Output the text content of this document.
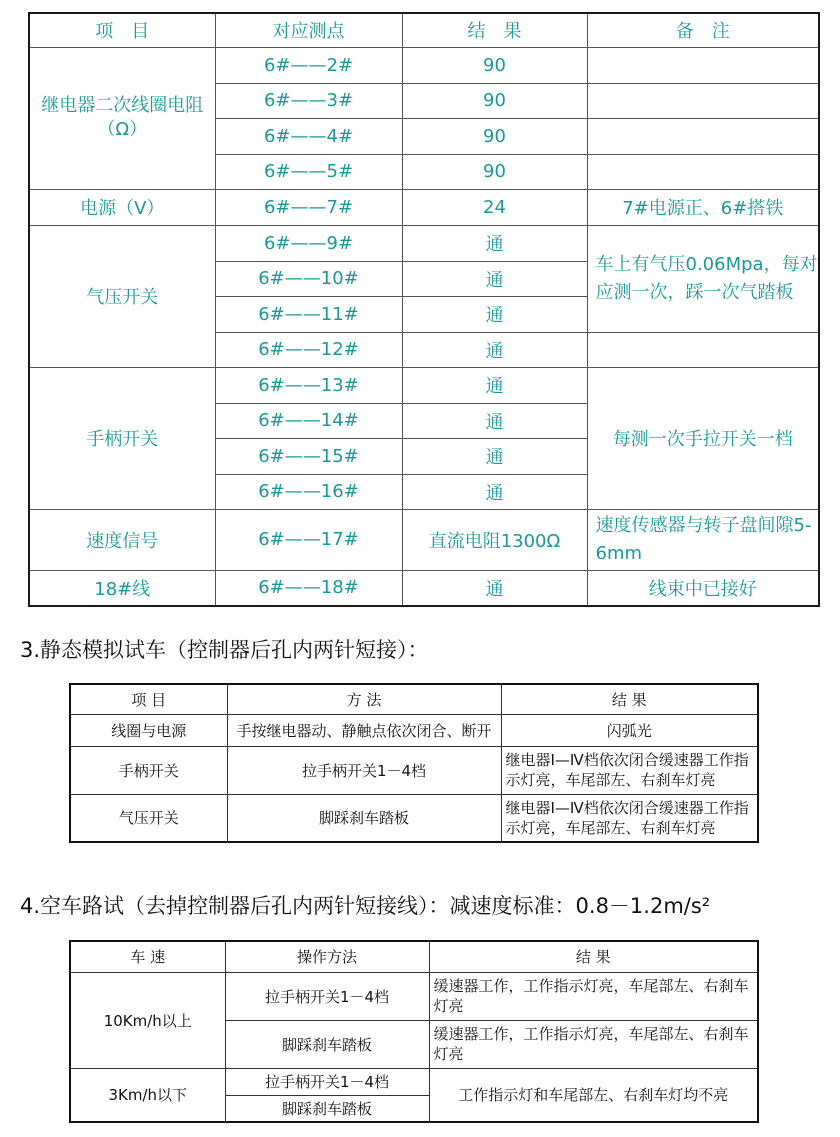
项　目	对应测点	结　果	备　注
继电器二次线圈电阻（Ω）	6#——2#	90	
	6#——3#	90	
	6#——4#	90	
	6#——5#	90	
电源（V）	6#——7#	24	7#电源正、6#搭铁
气压开关	6#——9#	通	车上有气压0.06Mpa，每对应测一次，踩一次气踏板
	6#——10#	通	
	6#——11#	通	
	6#——12#	通	
手柄开关	6#——13#	通	每测一次手拉开关一档
	6#——14#	通	
	6#——15#	通	
	6#——16#	通	
速度信号	6#——17#	直流电阻1300Ω	速度传感器与转子盘间隙5-6mm
18#线	6#——18#	通	线束中已接好
3.静态模拟试车（控制器后孔内两针短接）：
项 目	方 法	结 果
线圈与电源	手按继电器动、静触点依次闭合、断开	闪弧光
手柄开关	拉手柄开关1－4档	继电器Ⅰ—Ⅳ档依次闭合缓速器工作指示灯亮，车尾部左、右刹车灯亮
气压开关	脚踩刹车踏板	继电器Ⅰ—Ⅳ档依次闭合缓速器工作指示灯亮，车尾部左、右刹车灯亮
4.空车路试（去掉控制器后孔内两针短接线）：减速度标准：0.8－1.2m/s²
车 速	操作方法	结 果
10Km/h以上	拉手柄开关1－4档	缓速器工作，工作指示灯亮，车尾部左、右刹车灯亮
	脚踩刹车踏板	缓速器工作，工作指示灯亮，车尾部左、右刹车灯亮
3Km/h以下	拉手柄开关1－4档	工作指示灯和车尾部左、右刹车灯均不亮
	脚踩刹车踏板	
